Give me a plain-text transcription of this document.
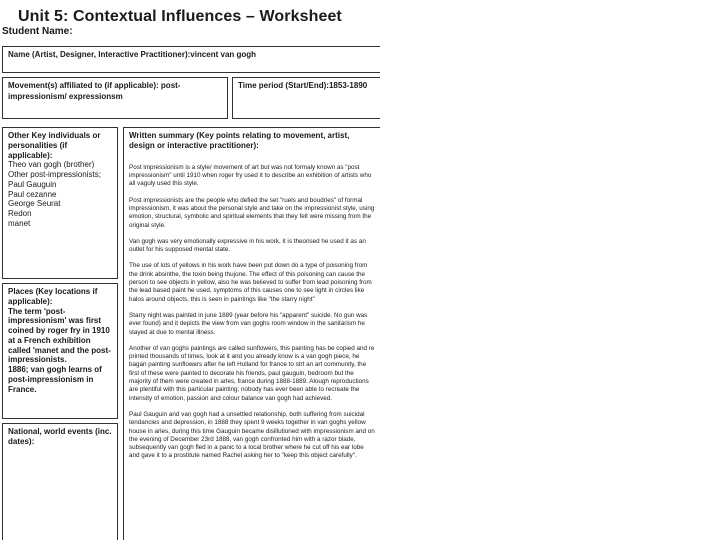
Unit 5: Contextual Influences – Worksheet
Student Name:
Name (Artist, Designer, Interactive Practitioner):vincent van gogh
Movement(s) affiliated to (if applicable): post-impressionism/ expressionsm
Time period (Start/End):1853-1890
Other Key individuals or personalities (if applicable):
Theo van gogh (brother)
Other post-impressionists;
Paul Gauguin
Paul cezanne
George Seurat
Redon
manet
Places (Key locations if applicable):
The term 'post-impressionism' was first coined by roger fry in 1910 at a French exhibition called 'manet and the post-impressionists.
1886; van gogh learns of post-impressionism in France.
National, world events (inc. dates):
Written summary (Key points relating to movement, artist, design or interactive practitioner):

Post impressionism is a style/ movement of art but was not formaly known as "post impressionism" until 1910 when roger fry used it to describe an exhibition of artists who all vaguly used this style.

Post impressionists are the people who defied the set "ruels and boudries" of formal impressionism, it was about the personal style and take on the impressionist style, using emotion, structural, symbolic and spiritual elements that they felt were missing from the original style.

Van gogh was very emotionally expressive in his work, it is theorised he used it as an outlet for his supposed mental state.

The use of lots of yellows in his work have been put down do a type of poisoning from the drink absinthe, the toxin being thujone. The effect of this poisoning can cause the person to see objects in yellow, also he was believed to suffer from lead poisoning from the lead based paint he used, symptoms of this causes one to see light in circles like halos around objects, this is seen in paintings like "the starry night"

Starry night was painted in june 1889 (year before his "apparent" suicide. No gun was ever found) and it depicts the view from van goghs room window in the sanitarism he stayed at due to mental illness.

Another of van goghs paintings are called sunflowers, this painting has be copied and re printed thousands of times, look at it and you already know is a van gogh piece, he bagan painting sunflowers after he left Holland for france to strt an art community, the first of these were painted to decorate his friends, paul gauguin, bedroom but the majority of them were created in arles, france during 1888-1889. Alough reproductions are plentiful with this particular painting; nobody has ever been able to recreate the intensity of emotion, passion and colour balance van gogh had achieved.

Paul Gauguin and van gogh had a unsettled relationship, both suffering from suicidal tendancies and depression, in 1888 they spent 9 weeks together in van goghs yellow house in arles, during this time Gauguin became disillutioned with impressionism and on the evening of December 23rd 1888, van gogh confronted him with a razor blade, subsequently van gogh fled in a panic to a local brother where he cut off his ear lobe and gave it to a prostitute named Rachel asking her to "keep this object carefully".
